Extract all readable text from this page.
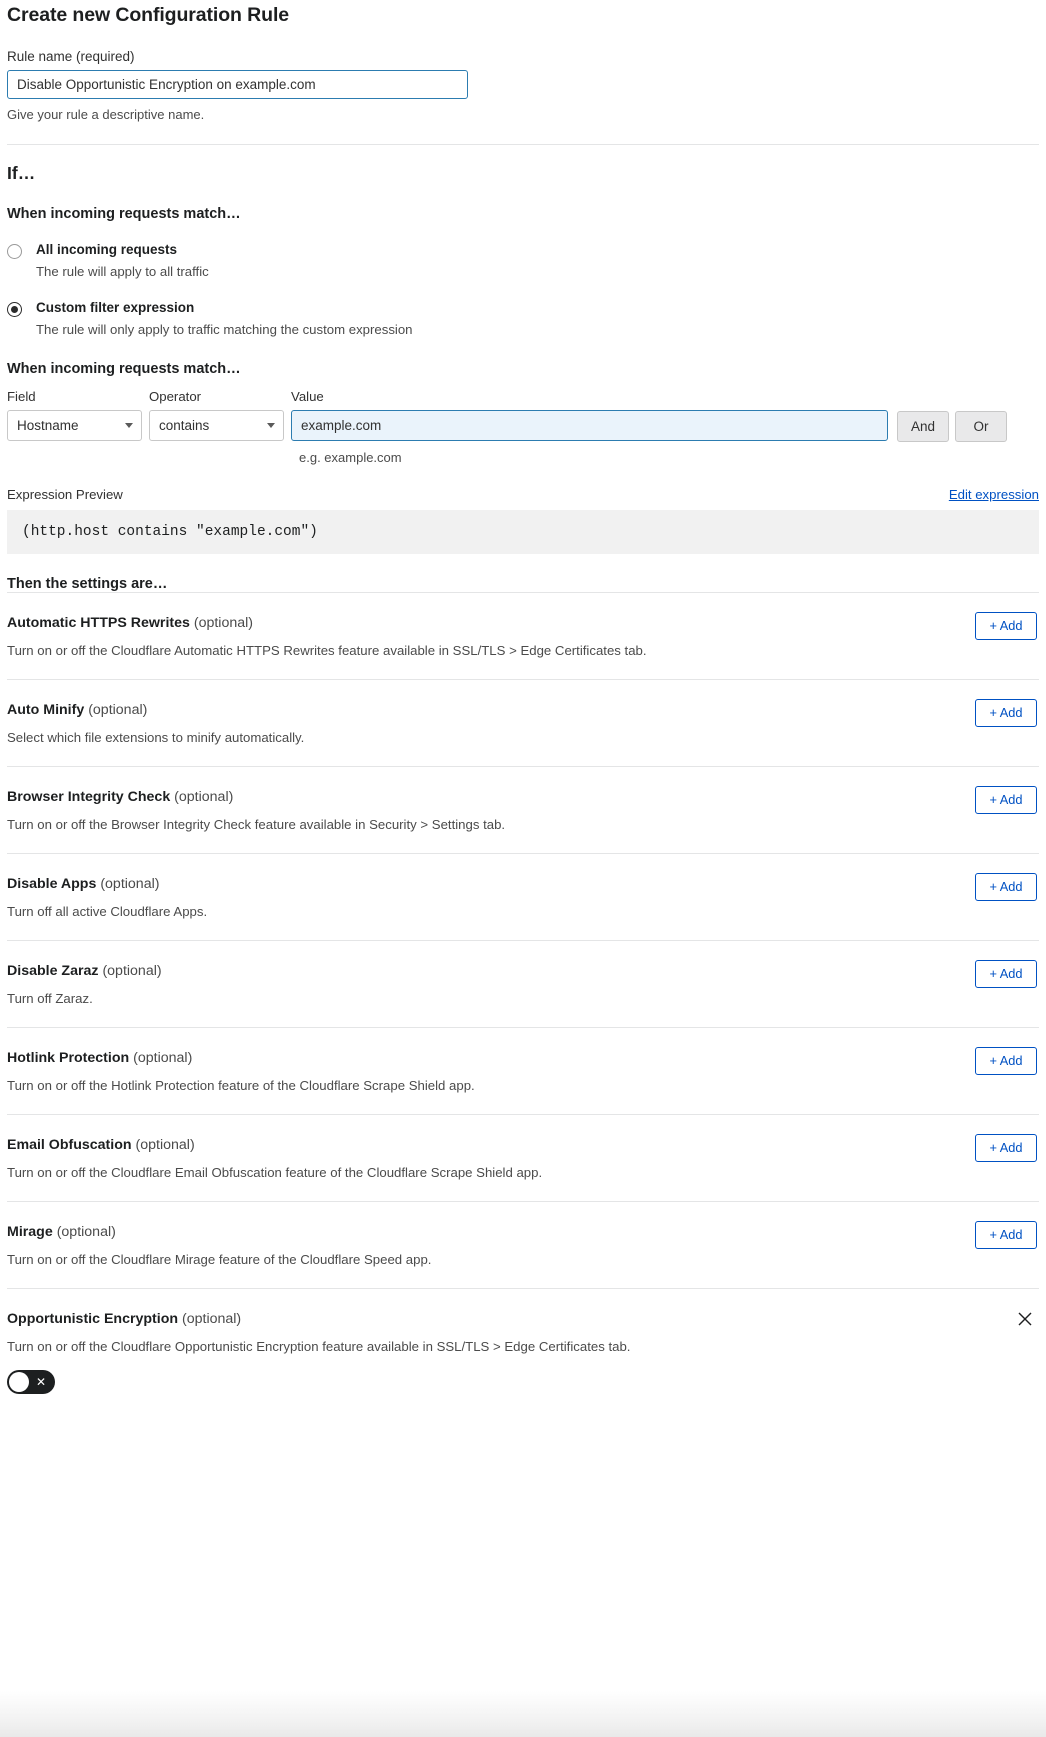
Create new Configuration Rule
Rule name (required)
Disable Opportunistic Encryption on example.com
Give your rule a descriptive name.
If…
When incoming requests match…
All incoming requests
The rule will apply to all traffic
Custom filter expression
The rule will only apply to traffic matching the custom expression
When incoming requests match…
Field
Hostname
Operator
contains
Value
example.com
And	Or
e.g. example.com
Expression Preview	Edit expression
(http.host contains "example.com")
Then the settings are…
Automatic HTTPS Rewrites (optional)
Turn on or off the Cloudflare Automatic HTTPS Rewrites feature available in SSL/TLS > Edge Certificates tab.
+ Add
Auto Minify (optional)
Select which file extensions to minify automatically.
+ Add
Browser Integrity Check (optional)
Turn on or off the Browser Integrity Check feature available in Security > Settings tab.
+ Add
Disable Apps (optional)
Turn off all active Cloudflare Apps.
+ Add
Disable Zaraz (optional)
Turn off Zaraz.
+ Add
Hotlink Protection (optional)
Turn on or off the Hotlink Protection feature of the Cloudflare Scrape Shield app.
+ Add
Email Obfuscation (optional)
Turn on or off the Cloudflare Email Obfuscation feature of the Cloudflare Scrape Shield app.
+ Add
Mirage (optional)
Turn on or off the Cloudflare Mirage feature of the Cloudflare Speed app.
+ Add
Opportunistic Encryption (optional)
Turn on or off the Cloudflare Opportunistic Encryption feature available in SSL/TLS > Edge Certificates tab.
✕
